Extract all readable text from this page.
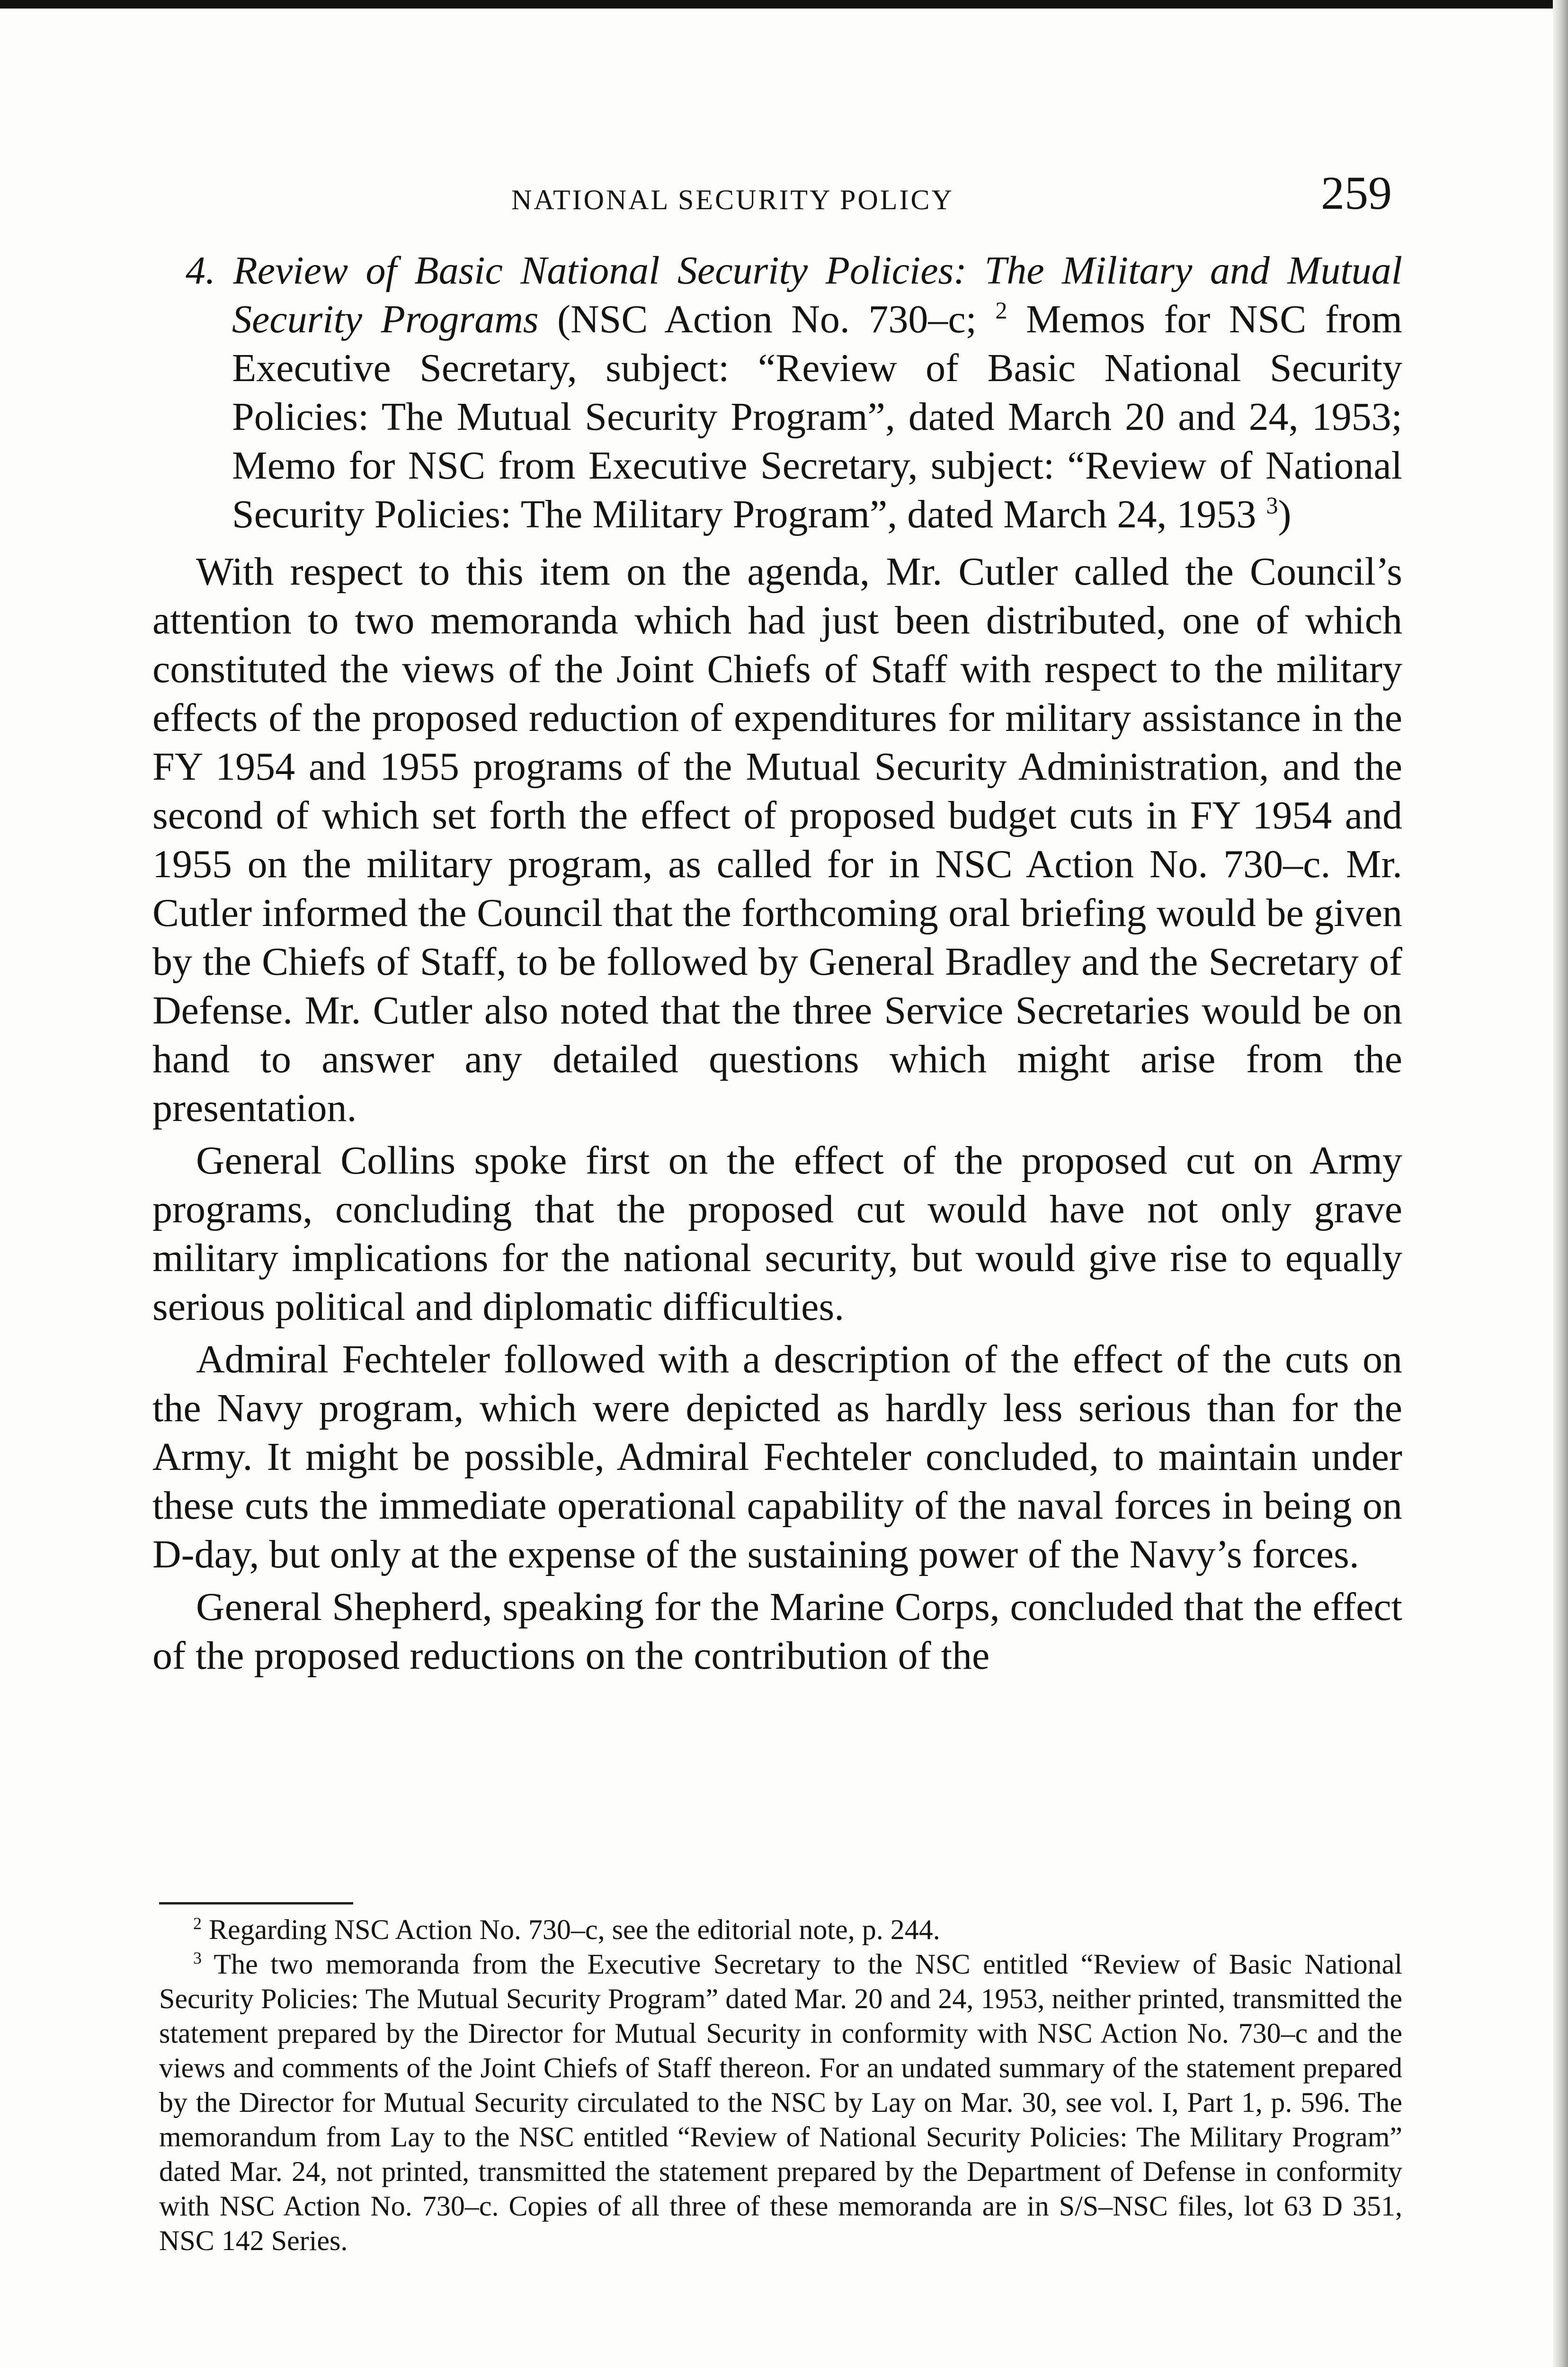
NATIONAL SECURITY POLICY	259

4. Review of Basic National Security Policies: The Military and Mutual Security Programs (NSC Action No. 730–c; $^2$ Memos for NSC from Executive Secretary, subject: “Review of Basic National Security Policies: The Mutual Security Program”, dated March 20 and 24, 1953; Memo for NSC from Executive Secretary, subject: “Review of National Security Policies: The Military Program”, dated March 24, 1953 $^3$)

With respect to this item on the agenda, Mr. Cutler called the Council’s attention to two memoranda which had just been distributed, one of which constituted the views of the Joint Chiefs of Staff with respect to the military effects of the proposed reduction of expenditures for military assistance in the FY 1954 and 1955 programs of the Mutual Security Administration, and the second of which set forth the effect of proposed budget cuts in FY 1954 and 1955 on the military program, as called for in NSC Action No. 730–c. Mr. Cutler informed the Council that the forthcoming oral briefing would be given by the Chiefs of Staff, to be followed by General Bradley and the Secretary of Defense. Mr. Cutler also noted that the three Service Secretaries would be on hand to answer any detailed questions which might arise from the presentation.

General Collins spoke first on the effect of the proposed cut on Army programs, concluding that the proposed cut would have not only grave military implications for the national security, but would give rise to equally serious political and diplomatic difficulties.

Admiral Fechteler followed with a description of the effect of the cuts on the Navy program, which were depicted as hardly less serious than for the Army. It might be possible, Admiral Fechteler concluded, to maintain under these cuts the immediate operational capability of the naval forces in being on D-day, but only at the expense of the sustaining power of the Navy’s forces.

General Shepherd, speaking for the Marine Corps, concluded that the effect of the proposed reductions on the contribution of the

$^2$ Regarding NSC Action No. 730–c, see the editorial note, p. 244.

$^3$ The two memoranda from the Executive Secretary to the NSC entitled “Review of Basic National Security Policies: The Mutual Security Program” dated Mar. 20 and 24, 1953, neither printed, transmitted the statement prepared by the Director for Mutual Security in conformity with NSC Action No. 730–c and the views and comments of the Joint Chiefs of Staff thereon. For an undated summary of the statement prepared by the Director for Mutual Security circulated to the NSC by Lay on Mar. 30, see vol. I, Part 1, p. 596. The memorandum from Lay to the NSC entitled “Review of National Security Policies: The Military Program” dated Mar. 24, not printed, transmitted the statement prepared by the Department of Defense in conformity with NSC Action No. 730–c. Copies of all three of these memoranda are in S/S–NSC files, lot 63 D 351, NSC 142 Series.
